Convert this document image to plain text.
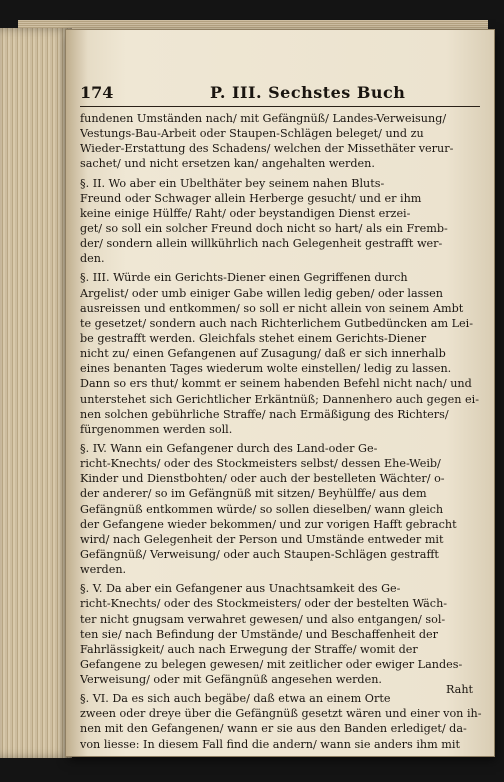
174	P. III. Sechstes Buch
fundenen Umständen nach/ mit Gefängnüß/ Landes-Verweisung/
Vestungs-Bau-Arbeit oder Staupen-Schlägen beleget/ und zu
Wieder-Erstattung des Schadens/ welchen der Missethäter verur-
sachet/ und nicht ersetzen kan/ angehalten werden.
§. II. Wo aber ein Ubelthäter bey seinem nahen Bluts-
Freund oder Schwager allein Herberge gesucht/ und er ihm
keine einige Hülffe/ Raht/ oder beystandigen Dienst erzei-
get/ so soll ein solcher Freund doch nicht so hart/ als ein Fremb-
der/ sondern allein willkührlich nach Gelegenheit gestrafft wer-
den.
§. III. Würde ein Gerichts-Diener einen Gegriffenen durch
Argelist/ oder umb einiger Gabe willen ledig geben/ oder lassen
ausreissen und entkommen/ so soll er nicht allein von seinem Ambt
te gesetzet/ sondern auch nach Richterlichem Gutbedüncken am Lei-
be gestrafft werden. Gleichfals stehet einem Gerichts-Diener
nicht zu/ einen Gefangenen auf Zusagung/ daß er sich innerhalb
eines benanten Tages wiederum wolte einstellen/ ledig zu lassen.
Dann so ers thut/ kommt er seinem habenden Befehl nicht nach/ und
unterstehet sich Gerichtlicher Erkäntnüß; Dannenhero auch gegen ei-
nen solchen gebührliche Straffe/ nach Ermäßigung des Richters/
fürgenommen werden soll.
§. IV. Wann ein Gefangener durch des Land-oder Ge-
richt-Knechts/ oder des Stockmeisters selbst/ dessen Ehe-Weib/
Kinder und Dienstbohten/ oder auch der bestelleten Wächter/ o-
der anderer/ so im Gefängnüß mit sitzen/ Beyhülffe/ aus dem
Gefängnüß entkommen würde/ so sollen dieselben/ wann gleich
der Gefangene wieder bekommen/ und zur vorigen Hafft gebracht
wird/ nach Gelegenheit der Person und Umstände entweder mit
Gefängnüß/ Verweisung/ oder auch Staupen-Schlägen gestrafft
werden.
§. V. Da aber ein Gefangener aus Unachtsamkeit des Ge-
richt-Knechts/ oder des Stockmeisters/ oder der bestelten Wäch-
ter nicht gnugsam verwahret gewesen/ und also entgangen/ sol-
ten sie/ nach Befindung der Umstände/ und Beschaffenheit der
Fahrlässigkeit/ auch nach Erwegung der Straffe/ womit der
Gefangene zu belegen gewesen/ mit zeitlicher oder ewiger Landes-
Verweisung/ oder mit Gefängnüß angesehen werden.
§. VI. Da es sich auch begäbe/ daß etwa an einem Orte
zween oder dreye über die Gefängnüß gesetzt wären und einer von ih-
nen mit den Gefangenen/ wann er sie aus den Banden erlediget/ da-
von liesse: In diesem Fall find die andern/ wann sie anders ihm mit
Raht
